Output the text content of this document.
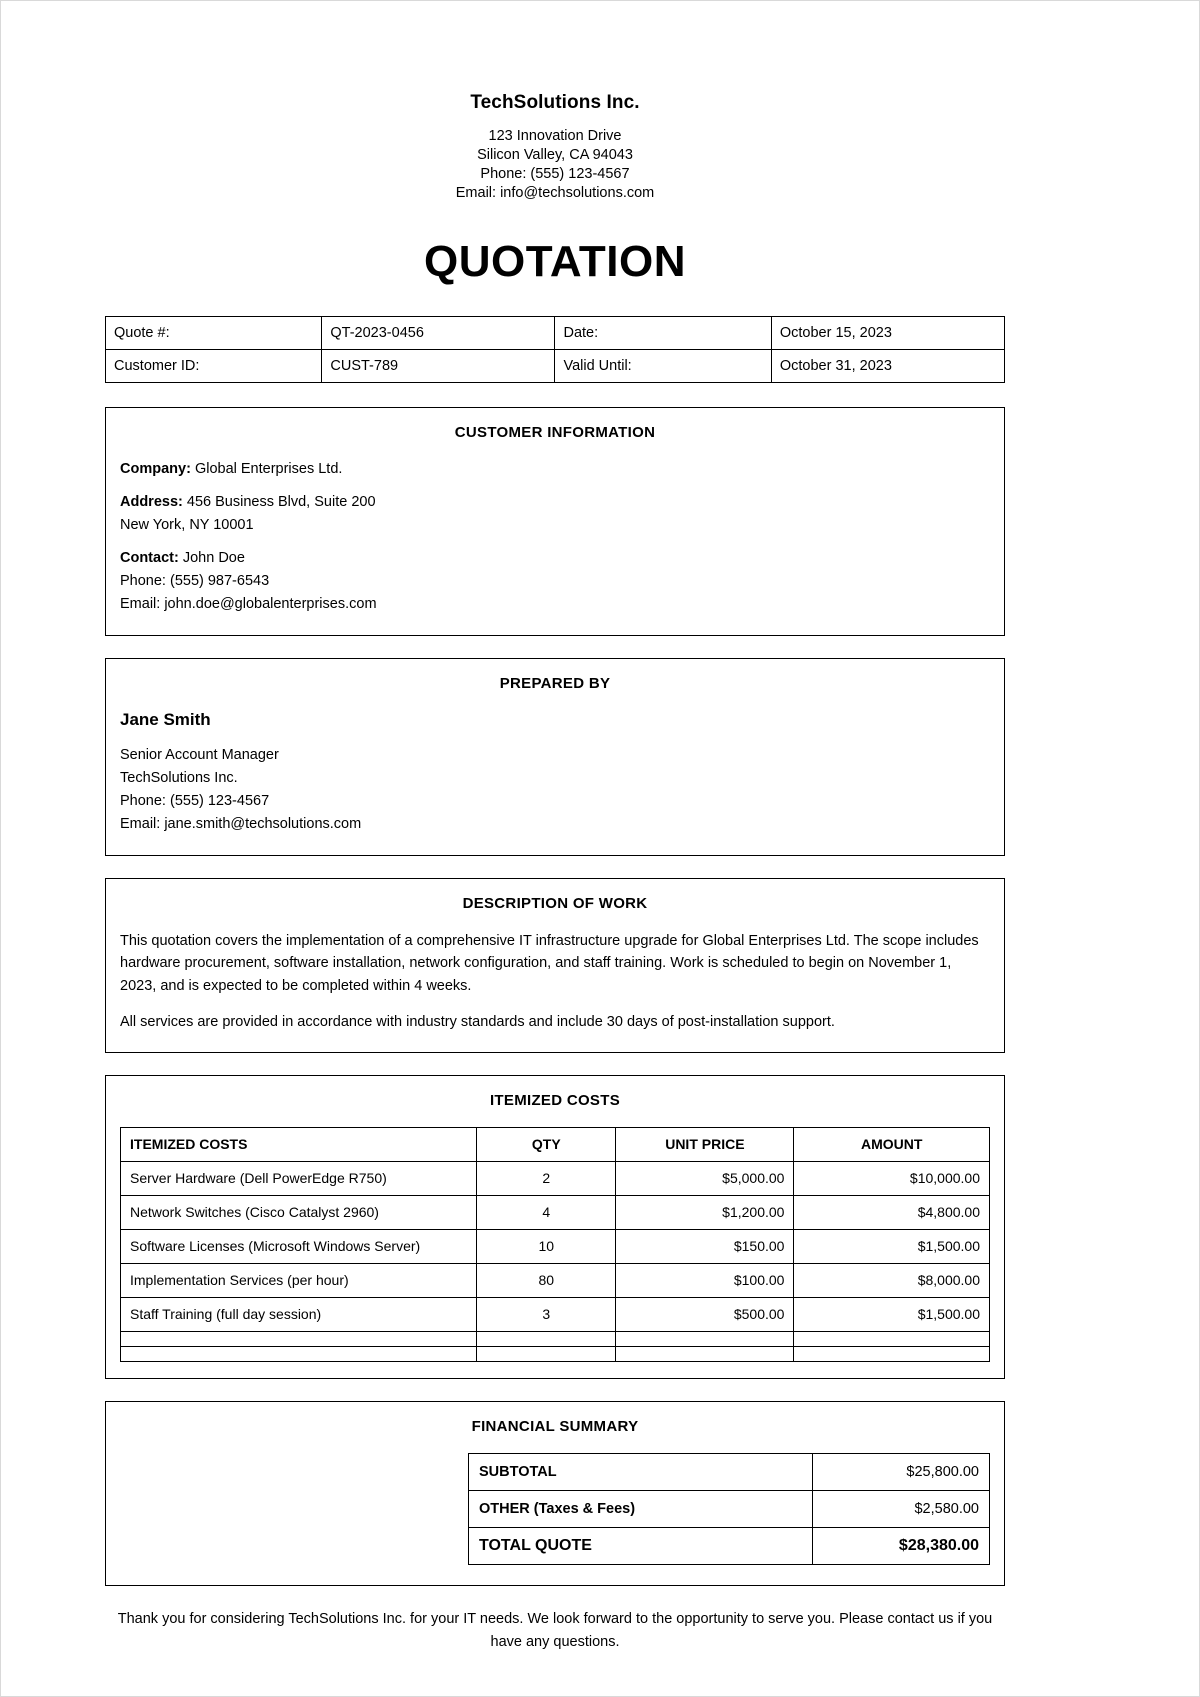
TechSolutions Inc.
123 Innovation Drive
Silicon Valley, CA 94043
Phone: (555) 123-4567
Email: info@techsolutions.com
QUOTATION
Quote #:	QT-2023-0456	Date:	October 15, 2023
Customer ID:	CUST-789	Valid Until:	October 31, 2023
CUSTOMER INFORMATION

Company: Global Enterprises Ltd.

Address: 456 Business Blvd, Suite 200

New York, NY 10001

Contact: John Doe

Phone: (555) 987-6543

Email: john.doe@globalenterprises.com

PREPARED BY
Jane Smith

Senior Account Manager

TechSolutions Inc.

Phone: (555) 123-4567

Email: jane.smith@techsolutions.com

DESCRIPTION OF WORK

This quotation covers the implementation of a comprehensive IT infrastructure upgrade for Global Enterprises Ltd. The scope includes hardware procurement, software installation, network configuration, and staff training. Work is scheduled to begin on November 1, 2023, and is expected to be completed within 4 weeks.

All services are provided in accordance with industry standards and include 30 days of post-installation support.

ITEMIZED COSTS
ITEMIZED COSTS	QTY	UNIT PRICE	AMOUNT
Server Hardware (Dell PowerEdge R750)	2	$5,000.00	$10,000.00
Network Switches (Cisco Catalyst 2960)	4	$1,200.00	$4,800.00
Software Licenses (Microsoft Windows Server)	10	$150.00	$1,500.00
Implementation Services (per hour)	80	$100.00	$8,000.00
Staff Training (full day session)	3	$500.00	$1,500.00

FINANCIAL SUMMARY
SUBTOTAL	$25,800.00
OTHER (Taxes & Fees)	$2,580.00
TOTAL QUOTE	$28,380.00
Thank you for considering TechSolutions Inc. for your IT needs. We look forward to the opportunity to serve you. Please contact us if you have any questions.
